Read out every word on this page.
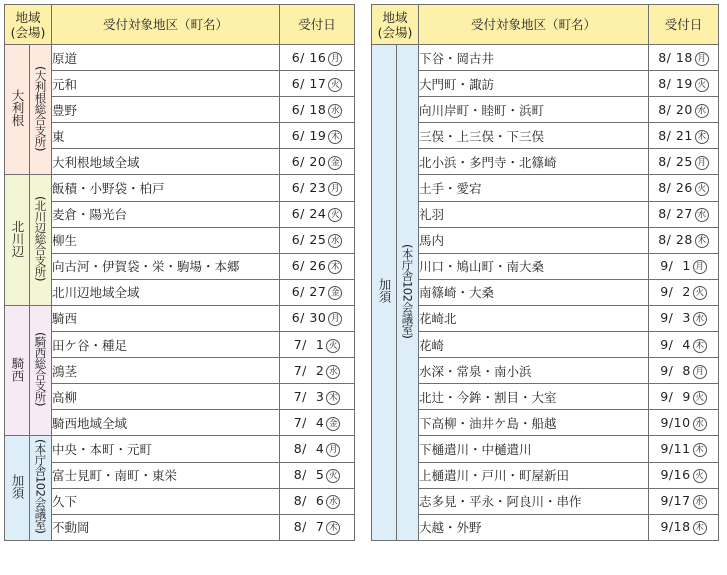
地域
(会場)		受付対象地区（町名）	受付日
大利根	(大利根総合支所)	原道	6/ 16 月
		元和	6/ 17 火
		豊野	6/ 18 水
		東	6/ 19 木
		大利根地域全域	6/ 20 金
北川辺	(北川辺総合支所)	飯積・小野袋・柏戸	6/ 23 月
		麦倉・陽光台	6/ 24 火
		柳生	6/ 25 水
		向古河・伊賀袋・栄・駒場・本郷	6/ 26 木
		北川辺地域全域	6/ 27 金
騎西	(騎西総合支所)	騎西	6/ 30 月
		田ケ谷・種足	7/  1 火
		鴻茎	7/  2 水
		高柳	7/  3 木
		騎西地域全域	7/  4 金
加須	(本庁舎102会議室)	中央・本町・元町	8/  4 月
		富士見町・南町・東栄	8/  5 火
		久下	8/  6 水
		不動岡	8/  7 木
地域
(会場)		受付対象地区（町名）	受付日
加須	(本庁舎102会議室)	下谷・岡古井	8/ 18 月
		大門町・諏訪	8/ 19 火
		向川岸町・睦町・浜町	8/ 20 水
		三俣・上三俣・下三俣	8/ 21 木
		北小浜・多門寺・北篠崎	8/ 25 月
		土手・愛宕	8/ 26 火
		礼羽	8/ 27 水
		馬内	8/ 28 木
		川口・鳩山町・南大桑	9/  1 月
		南篠崎・大桑	9/  2 火
		花崎北	9/  3 水
		花崎	9/  4 木
		水深・常泉・南小浜	9/  8 月
		北辻・今鉾・割目・大室	9/  9 火
		下高柳・油井ケ島・船越	9/10 水
		下樋遣川・中樋遣川	9/11 木
		上樋遣川・戸川・町屋新田	9/16 火
		志多見・平永・阿良川・串作	9/17 水
		大越・外野	9/18 木
